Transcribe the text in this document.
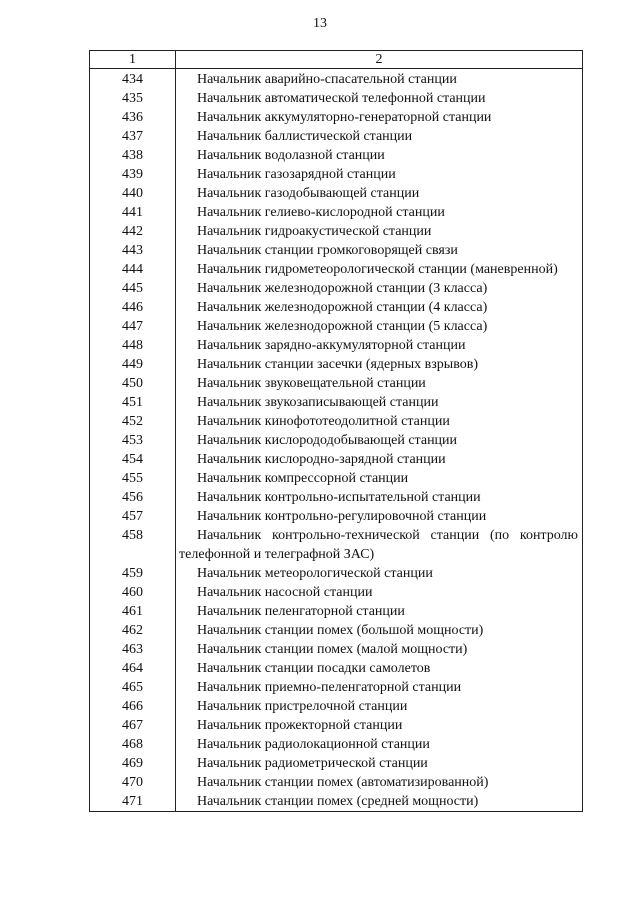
13
1	2
434	Начальник аварийно-спасательной станции
435	Начальник автоматической телефонной станции
436	Начальник аккумуляторно-генераторной станции
437	Начальник баллистической станции
438	Начальник водолазной станции
439	Начальник газозарядной станции
440	Начальник газодобывающей станции
441	Начальник гелиево-кислородной станции
442	Начальник гидроакустической станции
443	Начальник станции громкоговорящей связи
444	Начальник гидрометеорологической станции (маневренной)
445	Начальник железнодорожной станции (3 класса)
446	Начальник железнодорожной станции (4 класса)
447	Начальник железнодорожной станции (5 класса)
448	Начальник зарядно-аккумуляторной станции
449	Начальник станции засечки (ядерных взрывов)
450	Начальник звуковещательной станции
451	Начальник звукозаписывающей станции
452	Начальник кинофототеодолитной станции
453	Начальник кислорододобывающей станции
454	Начальник кислородно-зарядной станции
455	Начальник компрессорной станции
456	Начальник контрольно-испытательной станции
457	Начальник контрольно-регулировочной станции
458	Начальник контрольно-технической станции (по контролю телефонной и телеграфной ЗАС)
459	Начальник метеорологической станции
460	Начальник насосной станции
461	Начальник пеленгаторной станции
462	Начальник станции помех (большой мощности)
463	Начальник станции помех (малой мощности)
464	Начальник станции посадки самолетов
465	Начальник приемно-пеленгаторной станции
466	Начальник пристрелочной станции
467	Начальник прожекторной станции
468	Начальник радиолокационной станции
469	Начальник радиометрической станции
470	Начальник станции помех (автоматизированной)
471	Начальник станции помех (средней мощности)
